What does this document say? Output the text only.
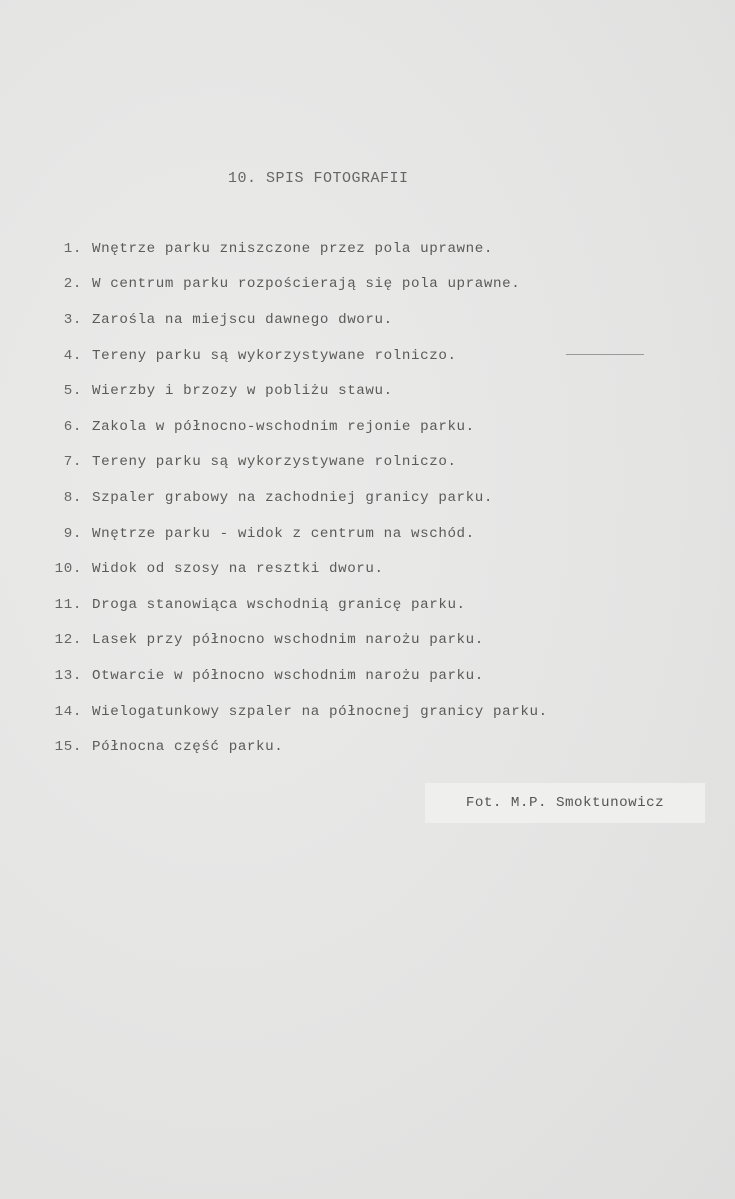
10. SPIS FOTOGRAFII
1. Wnętrze parku zniszczone przez pola uprawne.
2. W centrum parku rozpościerają się pola uprawne.
3. Zarośla na miejscu dawnego dworu.
4. Tereny parku są wykorzystywane rolniczo.
5. Wierzby i brzozy w pobliżu stawu.
6. Zakola w północno-wschodnim rejonie parku.
7. Tereny parku są wykorzystywane rolniczo.
8. Szpaler grabowy na zachodniej granicy parku.
9. Wnętrze parku - widok z centrum na wschód.
10. Widok od szosy na resztki dworu.
11. Droga stanowiąca wschodnią granicę parku.
12. Lasek przy północno wschodnim narożu parku.
13. Otwarcie w północno wschodnim narożu parku.
14. Wielogatunkowy szpaler na północnej granicy parku.
15. Północna część parku.
Fot. M.P. Smoktunowicz
